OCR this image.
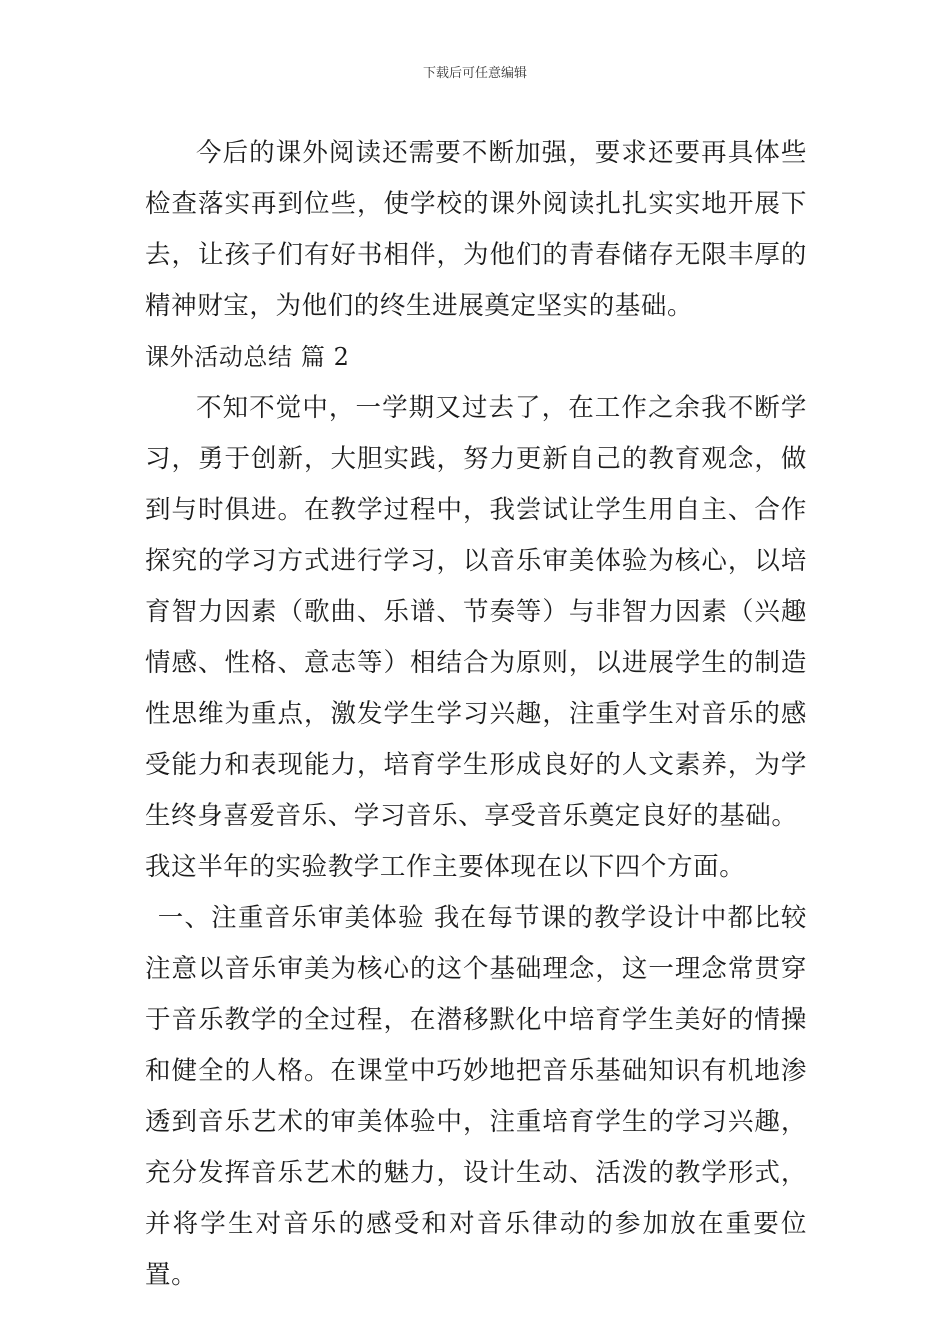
下载后可任意编辑

今后的课外阅读还需要不断加强，要求还要再具体些检查落实再到位些，使学校的课外阅读扎扎实实地开展下去，让孩子们有好书相伴，为他们的青春储存无限丰厚的精神财宝，为他们的终生进展奠定坚实的基础。

课外活动总结 篇 2

不知不觉中，一学期又过去了，在工作之余我不断学习，勇于创新，大胆实践，努力更新自己的教育观念，做到与时俱进。在教学过程中，我尝试让学生用自主、合作探究的学习方式进行学习，以音乐审美体验为核心，以培育智力因素（歌曲、乐谱、节奏等）与非智力因素（兴趣情感、性格、意志等）相结合为原则，以进展学生的制造性思维为重点，激发学生学习兴趣，注重学生对音乐的感受能力和表现能力，培育学生形成良好的人文素养，为学生终身喜爱音乐、学习音乐、享受音乐奠定良好的基础。

我这半年的实验教学工作主要体现在以下四个方面。

一、注重音乐审美体验 我在每节课的教学设计中都比较注意以音乐审美为核心的这个基础理念，这一理念常贯穿于音乐教学的全过程，在潜移默化中培育学生美好的情操和健全的人格。在课堂中巧妙地把音乐基础知识有机地渗透到音乐艺术的审美体验中，注重培育学生的学习兴趣，充分发挥音乐艺术的魅力，设计生动、活泼的教学形式，并将学生对音乐的感受和对音乐律动的参加放在重要位置。
